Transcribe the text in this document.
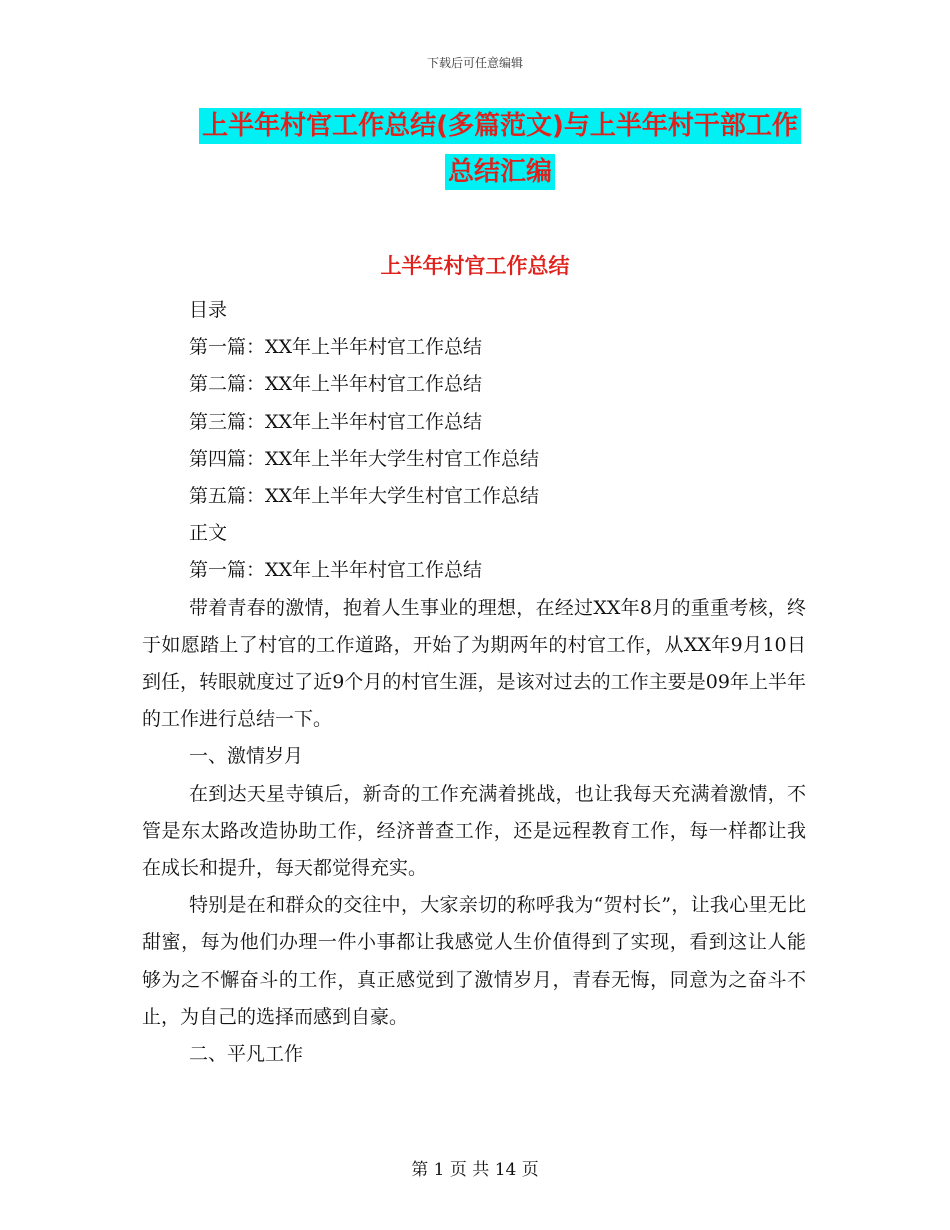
下载后可任意编辑
上半年村官工作总结(多篇范文)与上半年村干部工作
总结汇编
上半年村官工作总结
目录
第一篇：XX年上半年村官工作总结
第二篇：XX年上半年村官工作总结
第三篇：XX年上半年村官工作总结
第四篇：XX年上半年大学生村官工作总结
第五篇：XX年上半年大学生村官工作总结
正文
第一篇：XX年上半年村官工作总结
带着青春的激情，抱着人生事业的理想，在经过XX年8月的重重考核，终于如愿踏上了村官的工作道路，开始了为期两年的村官工作，从XX年9月10日到任，转眼就度过了近9个月的村官生涯，是该对过去的工作主要是09年上半年的工作进行总结一下。
一、激情岁月
在到达天星寺镇后，新奇的工作充满着挑战，也让我每天充满着激情，不管是东太路改造协助工作，经济普查工作，还是远程教育工作，每一样都让我在成长和提升，每天都觉得充实。
特别是在和群众的交往中，大家亲切的称呼我为“贺村长”，让我心里无比甜蜜，每为他们办理一件小事都让我感觉人生价值得到了实现，看到这让人能够为之不懈奋斗的工作，真正感觉到了激情岁月，青春无悔，同意为之奋斗不止，为自己的选择而感到自豪。
二、平凡工作
第 1 页 共 14 页
